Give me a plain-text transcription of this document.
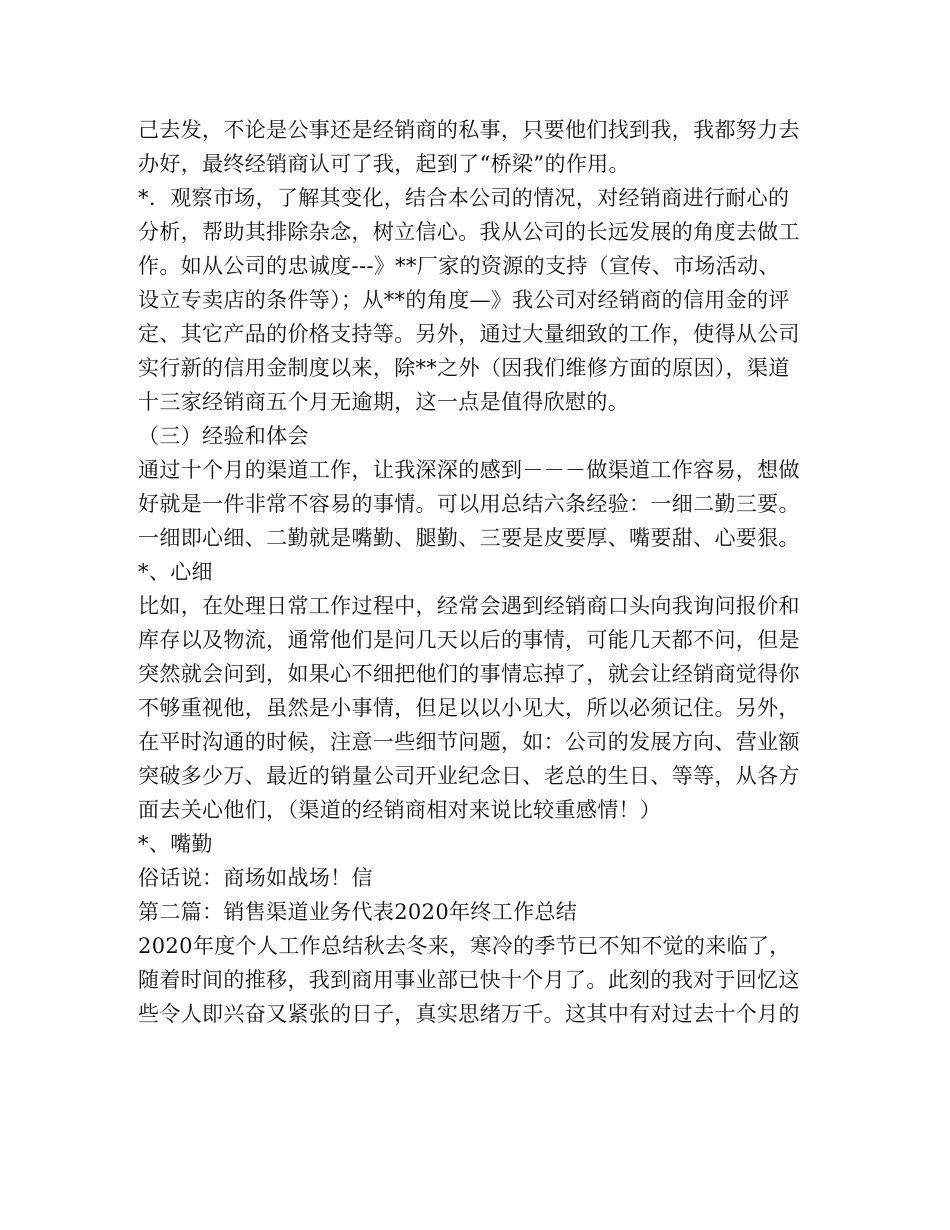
己去发，不论是公事还是经销商的私事，只要他们找到我，我都努力去
办好，最终经销商认可了我，起到了“桥梁”的作用。
*．观察市场，了解其变化，结合本公司的情况，对经销商进行耐心的
分析，帮助其排除杂念，树立信心。我从公司的长远发展的角度去做工
作。如从公司的忠诚度---》**厂家的资源的支持（宣传、市场活动、
设立专卖店的条件等）；从**的角度—》我公司对经销商的信用金的评
定、其它产品的价格支持等。另外，通过大量细致的工作，使得从公司
实行新的信用金制度以来，除**之外（因我们维修方面的原因），渠道
十三家经销商五个月无逾期，这一点是值得欣慰的。
（三）经验和体会
通过十个月的渠道工作，让我深深的感到－－－做渠道工作容易，想做
好就是一件非常不容易的事情。可以用总结六条经验：一细二勤三要。
一细即心细、二勤就是嘴勤、腿勤、三要是皮要厚、嘴要甜、心要狠。
*、心细
比如，在处理日常工作过程中，经常会遇到经销商口头向我询问报价和
库存以及物流，通常他们是问几天以后的事情，可能几天都不问，但是
突然就会问到，如果心不细把他们的事情忘掉了，就会让经销商觉得你
不够重视他，虽然是小事情，但足以以小见大，所以必须记住。另外，
在平时沟通的时候，注意一些细节问题，如：公司的发展方向、营业额
突破多少万、最近的销量公司开业纪念日、老总的生日、等等，从各方
面去关心他们，（渠道的经销商相对来说比较重感情！）
*、嘴勤
俗话说：商场如战场！信
第二篇：销售渠道业务代表2020年终工作总结
2020年度个人工作总结秋去冬来，寒冷的季节已不知不觉的来临了，
随着时间的推移，我到商用事业部已快十个月了。此刻的我对于回忆这
些令人即兴奋又紧张的日子，真实思绪万千。这其中有对过去十个月的
